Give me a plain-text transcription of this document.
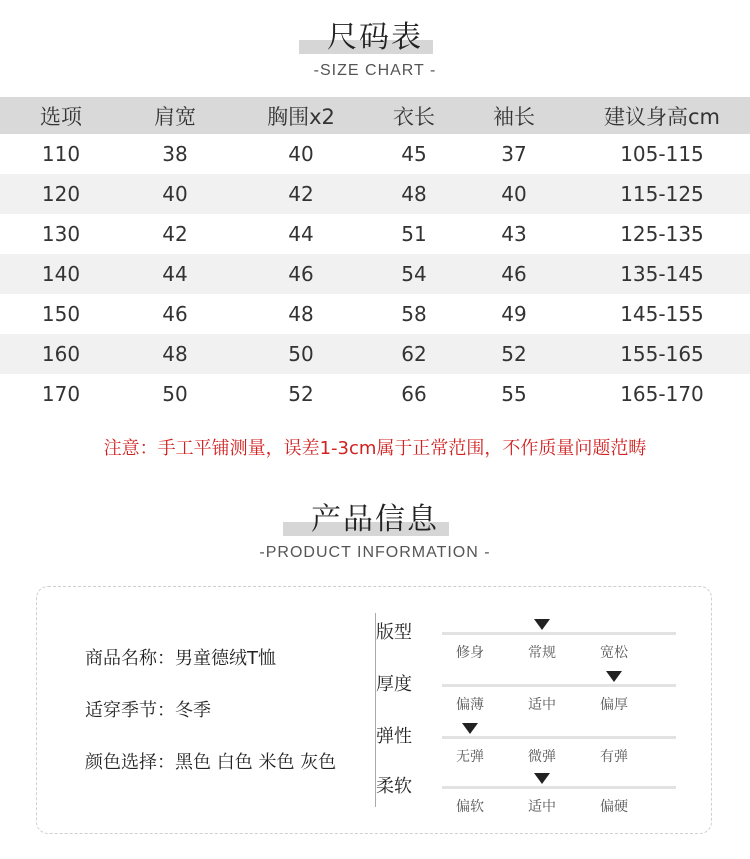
尺码表
-SIZE CHART -
选项	肩宽	胸围x2	衣长	袖长	建议身高cm
110	38	40	45	37	105-115
120	40	42	48	40	115-125
130	42	44	51	43	125-135
140	44	46	54	46	135-145
150	46	48	58	49	145-155
160	48	50	62	52	155-165
170	50	52	66	55	165-170
注意：手工平铺测量，误差1-3cm属于正常范围，不作质量问题范畴
产品信息
-PRODUCT INFORMATION -
商品名称：男童德绒T恤
适穿季节：冬季
颜色选择：黑色 白色 米色 灰色
版型
修身	常规	宽松
厚度
偏薄	适中	偏厚
弹性
无弹	微弹	有弹
柔软
偏软	适中	偏硬
